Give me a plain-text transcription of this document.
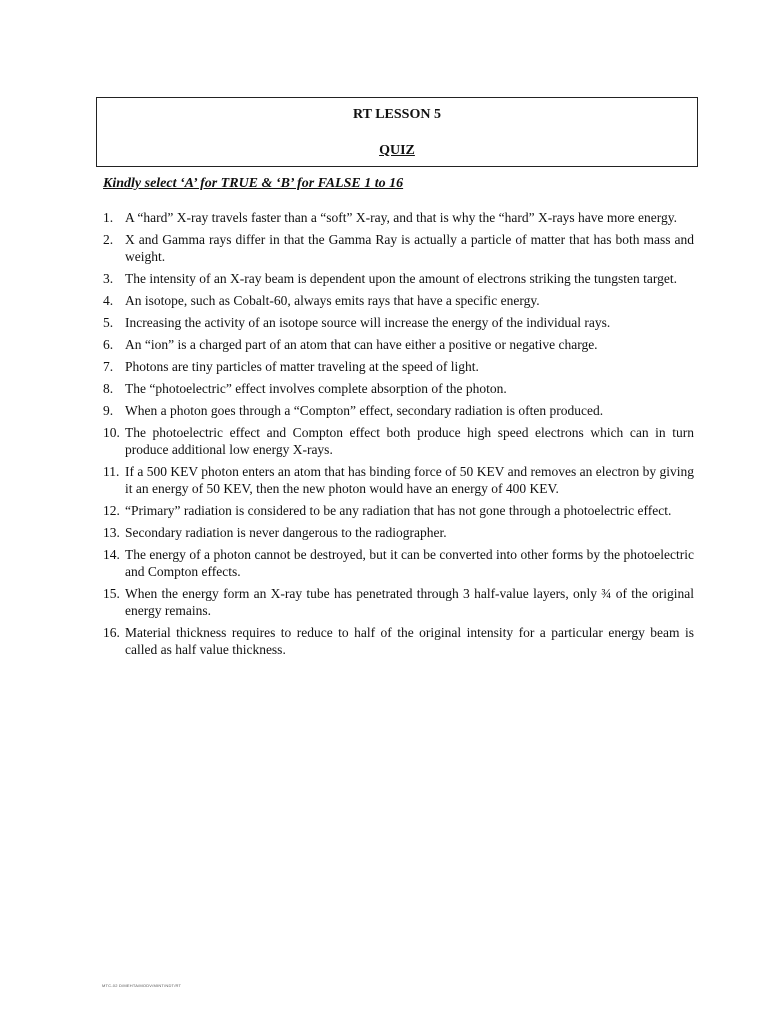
RT LESSON 5
QUIZ
Kindly select ‘A’ for TRUE & ‘B’ for FALSE 1 to 16
1. A “hard” X-ray travels faster than a “soft” X-ray, and that is why the “hard” X-rays have more energy.
2. X and Gamma rays differ in that the Gamma Ray is actually a particle of matter that has both mass and weight.
3. The intensity of an X-ray beam is dependent upon the amount of electrons striking the tungsten target.
4. An isotope, such as Cobalt-60, always emits rays that have a specific energy.
5. Increasing the activity of an isotope source will increase the energy of the individual rays.
6. An “ion” is a charged part of an atom that can have either a positive or negative charge.
7. Photons are tiny particles of matter traveling at the speed of light.
8. The “photoelectric” effect involves complete absorption of the photon.
9. When a photon goes through a “Compton” effect, secondary radiation is often produced.
10. The photoelectric effect and Compton effect both produce high speed electrons which can in turn produce additional low energy X-rays.
11. If a 500 KEV photon enters an atom that has binding force of 50 KEV and removes an electron by giving it an energy of 50 KEV, then the new photon would have an energy of 400 KEV.
12. “Primary” radiation is considered to be any radiation that has not gone through a photoelectric effect.
13. Secondary radiation is never dangerous to the radiographer.
14. The energy of a photon cannot be destroyed, but it can be converted into other forms by the photoelectric and Compton effects.
15. When the energy form an X-ray tube has penetrated through 3 half-value layers, only ¾ of the original energy remains.
16. Material thickness requires to reduce to half of the original intensity for a particular energy beam is called as half value thickness.
MTC-02 D/MEHTA/MODV/MINT/NDT/RT
